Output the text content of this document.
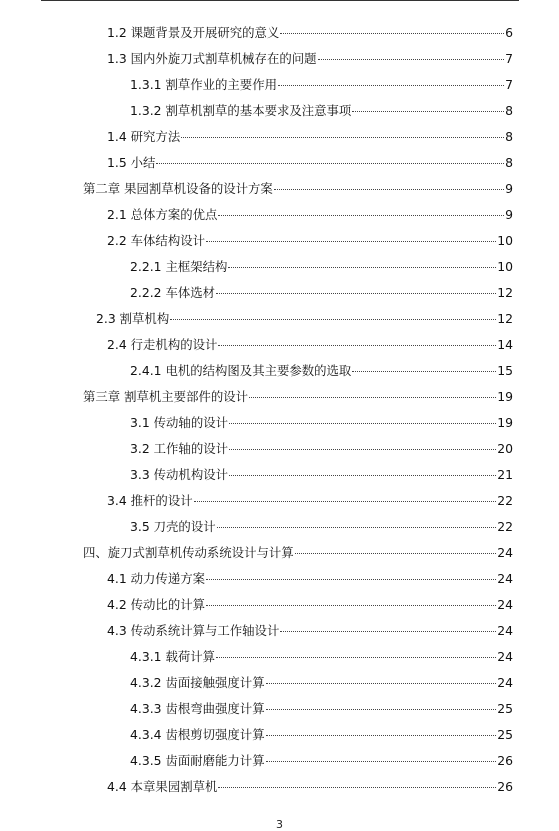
1.2 课题背景及开展研究的意义	6
1.3 国内外旋刀式割草机械存在的问题	7
1.3.1 割草作业的主要作用	7
1.3.2 割草机割草的基本要求及注意事项	8
1.4 研究方法	8
1.5 小结	8
第二章 果园割草机设备的设计方案	9
2.1 总体方案的优点	9
2.2 车体结构设计	10
2.2.1 主框架结构	10
2.2.2 车体选材	12
2.3 割草机构	12
2.4 行走机构的设计	14
2.4.1 电机的结构图及其主要参数的选取	15
第三章 割草机主要部件的设计	19
3.1 传动轴的设计	19
3.2 工作轴的设计	20
3.3 传动机构设计	21
3.4 推杆的设计	22
3.5 刀壳的设计	22
四、旋刀式割草机传动系统设计与计算	24
4.1 动力传递方案	24
4.2 传动比的计算	24
4.3 传动系统计算与工作轴设计	24
4.3.1 载荷计算	24
4.3.2 齿面接触强度计算	24
4.3.3 齿根弯曲强度计算	25
4.3.4 齿根剪切强度计算	25
4.3.5 齿面耐磨能力计算	26
4.4 本章果园割草机	26
3
